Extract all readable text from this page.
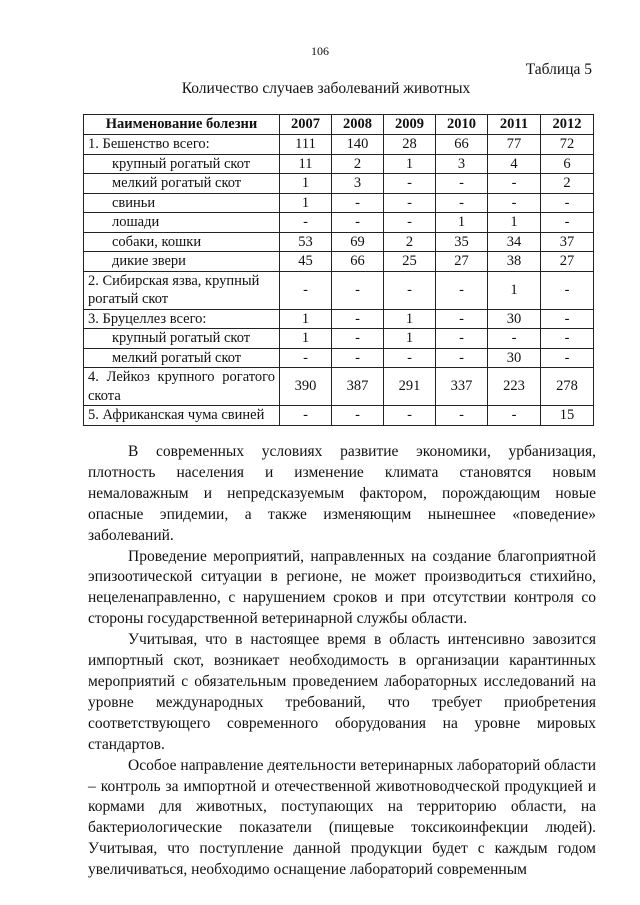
106
Таблица 5
Количество случаев заболеваний животных
Наименование болезни	2007	2008	2009	2010	2011	2012
1. Бешенство всего:	111	140	28	66	77	72
крупный рогатый скот	11	2	1	3	4	6
мелкий рогатый скот	1	3	-	-	-	2
свиньи	1	-	-	-	-	-
лошади	-	-	-	1	1	-
собаки, кошки	53	69	2	35	34	37
дикие звери	45	66	25	27	38	27
2. Сибирская язва, крупный рогатый скот	-	-	-	-	1	-
3. Бруцеллез всего:	1	-	1	-	30	-
крупный рогатый скот	1	-	1	-	-	-
мелкий рогатый скот	-	-	-	-	30	-
4. Лейкоз крупного рогатого скота	390	387	291	337	223	278
5. Африканская чума свиней	-	-	-	-	-	15

В современных условиях развитие экономики, урбанизация, плотность населения и изменение климата становятся новым немаловажным и непредсказуемым фактором, порождающим новые опасные эпидемии, а также изменяющим нынешнее «поведение» заболеваний.

Проведение мероприятий, направленных на создание благоприятной эпизоотической ситуации в регионе, не может производиться стихийно, нецеленаправленно, с нарушением сроков и при отсутствии контроля со стороны государственной ветеринарной службы области.

Учитывая, что в настоящее время в область интенсивно завозится импортный скот, возникает необходимость в организации карантинных мероприятий с обязательным проведением лабораторных исследований на уровне международных требований, что требует приобретения соответствующего современного оборудования на уровне мировых стандартов.

Особое направление деятельности ветеринарных лабораторий области – контроль за импортной и отечественной животноводческой продукцией и кормами для животных, поступающих на территорию области, на бактериологические показатели (пищевые токсикоинфекции людей). Учитывая, что поступление данной продукции будет с каждым годом увеличиваться, необходимо оснащение лабораторий современным
